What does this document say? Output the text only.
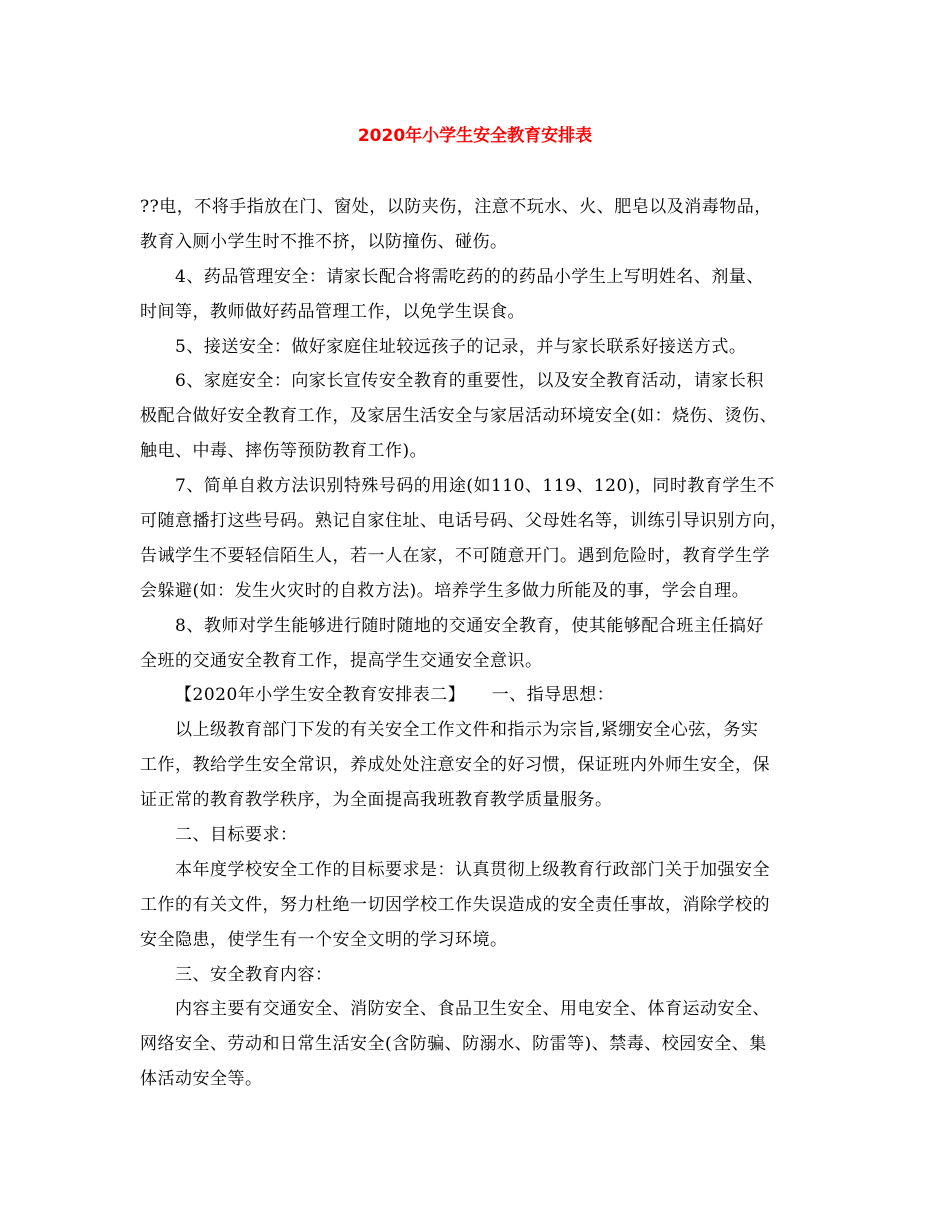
2020年小学生安全教育安排表
??电，不将手指放在门、窗处，以防夹伤，注意不玩水、火、肥皂以及消毒物品，
教育入厕小学生时不推不挤，以防撞伤、碰伤。
4、药品管理安全：请家长配合将需吃药的的药品小学生上写明姓名、剂量、
时间等，教师做好药品管理工作，以免学生误食。
5、接送安全：做好家庭住址较远孩子的记录，并与家长联系好接送方式。
6、家庭安全：向家长宣传安全教育的重要性，以及安全教育活动，请家长积
极配合做好安全教育工作，及家居生活安全与家居活动环境安全(如：烧伤、烫伤、
触电、中毒、摔伤等预防教育工作)。
7、简单自救方法识别特殊号码的用途(如110、119、120)，同时教育学生不
可随意播打这些号码。熟记自家住址、电话号码、父母姓名等，训练引导识别方向，
告诫学生不要轻信陌生人，若一人在家，不可随意开门。遇到危险时，教育学生学
会躲避(如：发生火灾时的自救方法)。培养学生多做力所能及的事，学会自理。
8、教师对学生能够进行随时随地的交通安全教育，使其能够配合班主任搞好
全班的交通安全教育工作，提高学生交通安全意识。
【2020年小学生安全教育安排表二】　　一、指导思想：
以上级教育部门下发的有关安全工作文件和指示为宗旨,紧绷安全心弦，务实
工作，教给学生安全常识，养成处处注意安全的好习惯，保证班内外师生安全，保
证正常的教育教学秩序，为全面提高我班教育教学质量服务。
二、目标要求：
本年度学校安全工作的目标要求是：认真贯彻上级教育行政部门关于加强安全
工作的有关文件，努力杜绝一切因学校工作失误造成的安全责任事故，消除学校的
安全隐患，使学生有一个安全文明的学习环境。
三、安全教育内容：
内容主要有交通安全、消防安全、食品卫生安全、用电安全、体育运动安全、
网络安全、劳动和日常生活安全(含防骗、防溺水、防雷等)、禁毒、校园安全、集
体活动安全等。
